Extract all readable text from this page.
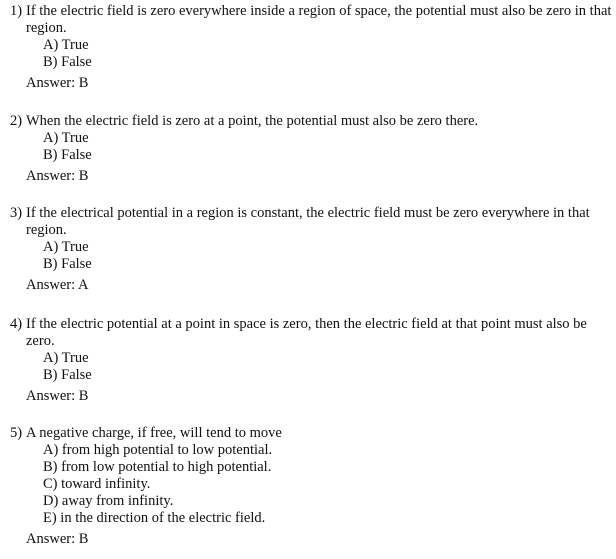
1) If the electric field is zero everywhere inside a region of space, the potential must also be zero in that region.
A) True
B) False
Answer: B
2) When the electric field is zero at a point, the potential must also be zero there.
A) True
B) False
Answer: B
3) If the electrical potential in a region is constant, the electric field must be zero everywhere in that region.
A) True
B) False
Answer: A
4) If the electric potential at a point in space is zero, then the electric field at that point must also be zero.
A) True
B) False
Answer: B
5) A negative charge, if free, will tend to move
A) from high potential to low potential.
B) from low potential to high potential.
C) toward infinity.
D) away from infinity.
E) in the direction of the electric field.
Answer: B
